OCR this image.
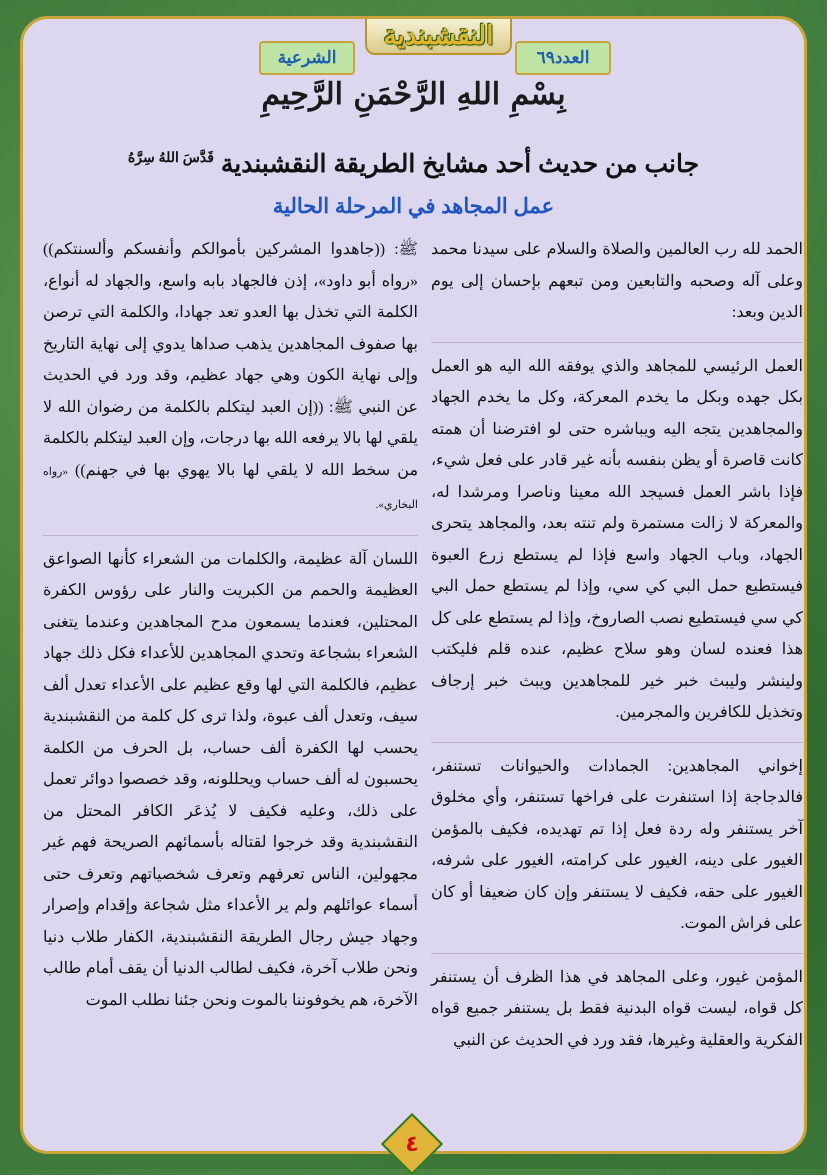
النقشبندية
الشرعية	العدد٦٩
بِسْمِ اللهِ الرَّحْمَنِ الرَّحِيمِ
جانب من حديث أحد مشايخ الطريقة النقشبندية $^{قَدَّسَ اللهُ سِرَّهُ}$
عمل المجاهد في المرحلة الحالية

الحمد لله رب العالمين والصلاة والسلام على سيدنا محمد وعلى آله وصحبه والتابعين ومن تبعهم بإحسان إلى يوم الدين وبعد:

العمل الرئيسي للمجاهد والذي يوفقه الله اليه هو العمل بكل جهده وبكل ما يخدم المعركة، وكل ما يخدم الجهاد والمجاهدين يتجه اليه ويباشره حتى لو افترضنا أن همته كانت قاصرة أو يظن بنفسه بأنه غير قادر على فعل شيء، فإذا باشر العمل فسيجد الله معينا وناصرا ومرشدا له، والمعركة لا زالت مستمرة ولم تنته بعد، والمجاهد يتحرى الجهاد، وباب الجهاد واسع فإذا لم يستطع زرع العبوة فيستطيع حمل البي كي سي، وإذا لم يستطع حمل البي كي سي فيستطيع نصب الصاروخ، وإذا لم يستطع على كل هذا فعنده لسان وهو سلاح عظيم، عنده قلم فليكتب ولينشر وليبث خبر خير للمجاهدين ويبث خبر إرجاف وتخذيل للكافرين والمجرمين.

إخواني المجاهدين: الجمادات والحيوانات تستنفر، فالدجاجة إذا استنفرت على فراخها تستنفر، وأي مخلوق آخر يستنفر وله ردة فعل إذا تم تهديده، فكيف بالمؤمن الغيور على دينه، الغيور على كرامته، الغيور على شرفه، الغيور على حقه، فكيف لا يستنفر وإن كان ضعيفا أو كان على فراش الموت.

المؤمن غيور، وعلى المجاهد في هذا الظرف أن يستنفر كل قواه، ليست قواه البدنية فقط بل يستنفر جميع قواه الفكرية والعقلية وغيرها، فقد ورد في الحديث عن النبي

ﷺ: ((جاهدوا المشركين بأموالكم وأنفسكم وألسنتكم)) «رواه أبو داود»، إذن فالجهاد بابه واسع، والجهاد له أنواع، الكلمة التي تخذل بها العدو تعد جهادا، والكلمة التي ترصن بها صفوف المجاهدين يذهب صداها يدوي إلى نهاية التاريخ وإلى نهاية الكون وهي جهاد عظيم، وقد ورد في الحديث عن النبي ﷺ: ((إن العبد ليتكلم بالكلمة من رضوان الله لا يلقي لها بالا يرفعه الله بها درجات، وإن العبد ليتكلم بالكلمة من سخط الله لا يلقي لها بالا يهوي بها في جهنم)) «رواه البخاري».

اللسان آلة عظيمة، والكلمات من الشعراء كأنها الصواعق العظيمة والحمم من الكبريت والنار على رؤوس الكفرة المحتلين، فعندما يسمعون مدح المجاهدين وعندما يتغنى الشعراء بشجاعة وتحدي المجاهدين للأعداء فكل ذلك جهاد عظيم، فالكلمة التي لها وقع عظيم على الأعداء تعدل ألف سيف، وتعدل ألف عبوة، ولذا ترى كل كلمة من النقشبندية يحسب لها الكفرة ألف حساب، بل الحرف من الكلمة يحسبون له ألف حساب ويحللونه، وقد خصصوا دوائر تعمل على ذلك، وعليه فكيف لا يُذعَر الكافر المحتل من النقشبندية وقد خرجوا لقتاله بأسمائهم الصريحة فهم غير مجهولين، الناس تعرفهم وتعرف شخصياتهم وتعرف حتى أسماء عوائلهم ولم ير الأعداء مثل شجاعة وإقدام وإصرار وجهاد جيش رجال الطريقة النقشبندية، الكفار طلاب دنيا ونحن طلاب آخرة، فكيف لطالب الدنيا أن يقف أمام طالب الآخرة، هم يخوفوننا بالموت ونحن جئنا نطلب الموت

٤
